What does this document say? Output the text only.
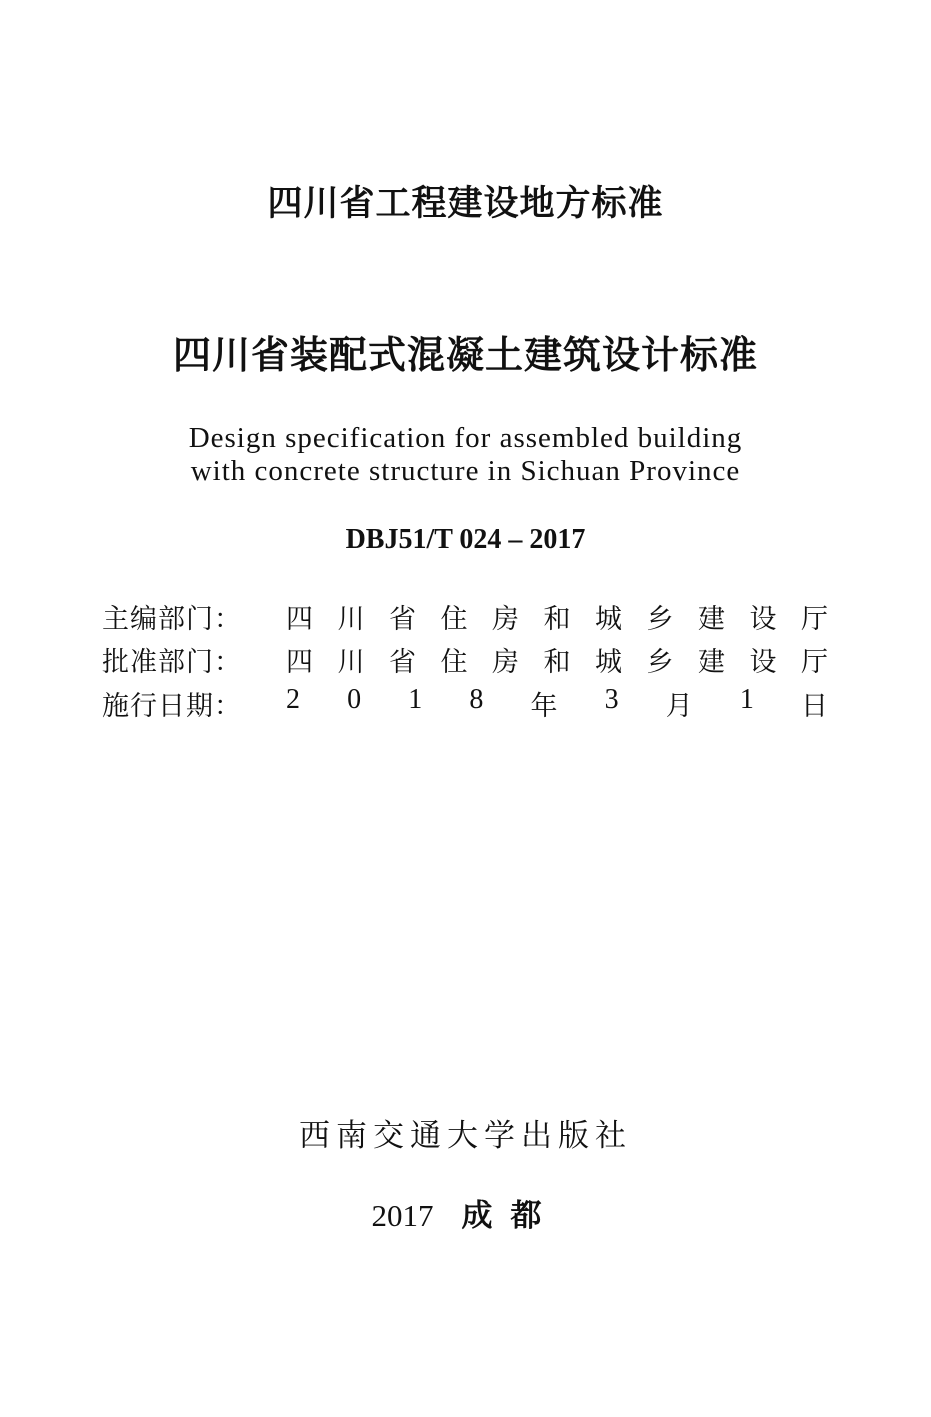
四川省工程建设地方标准
四川省装配式混凝土建筑设计标准
Design specification for assembled building
with concrete structure in Sichuan Province
DBJ51/T 024 – 2017
主编部门： 四 川 省 住 房 和 城 乡 建 设 厅
批准部门： 四 川 省 住 房 和 城 乡 建 设 厅
施行日期： 2 0 1 8 年 3 月 1 日
西南交通大学出版社
2017 成都
